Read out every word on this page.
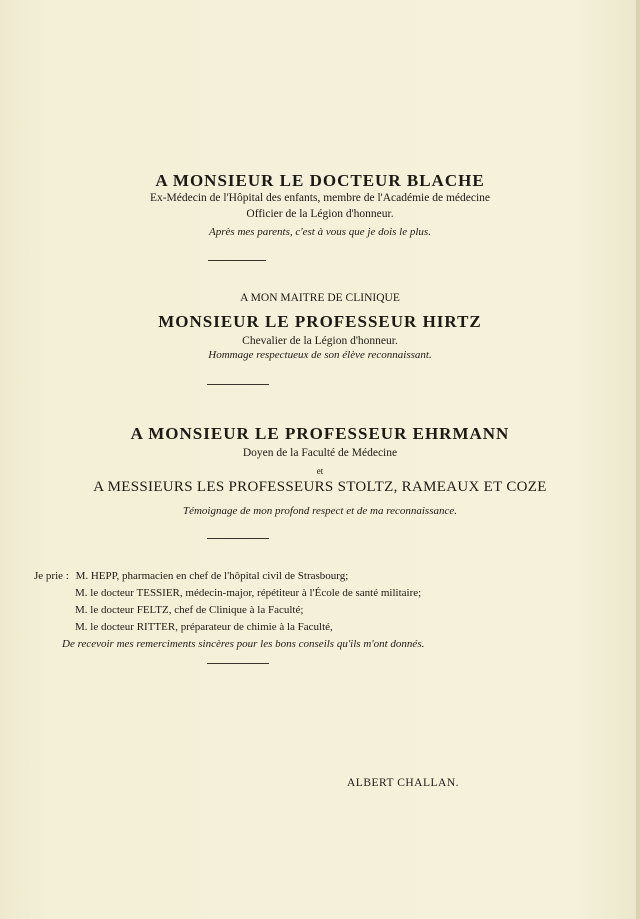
A MONSIEUR LE DOCTEUR BLACHE
Ex-Médecin de l'Hôpital des enfants, membre de l'Académie de médecine
Officier de la Légion d'honneur.
Après mes parents, c'est à vous que je dois le plus.
A MON MAITRE DE CLINIQUE
MONSIEUR LE PROFESSEUR HIRTZ
Chevalier de la Légion d'honneur.
Hommage respectueux de son élève reconnaissant.
A MONSIEUR LE PROFESSEUR EHRMANN
Doyen de la Faculté de Médecine
et
A MESSIEURS LES PROFESSEURS STOLTZ, RAMEAUX ET COZE
Témoignage de mon profond respect et de ma reconnaissance.
Je prie : M. HEPP, pharmacien en chef de l'hôpital civil de Strasbourg;
M. le docteur TESSIER, médecin-major, répétiteur à l'École de santé militaire;
M. le docteur FELTZ, chef de Clinique à la Faculté;
M. le docteur RITTER, préparateur de chimie à la Faculté,
De recevoir mes remerciments sincères pour les bons conseils qu'ils m'ont donnés.
ALBERT CHALLAN.
